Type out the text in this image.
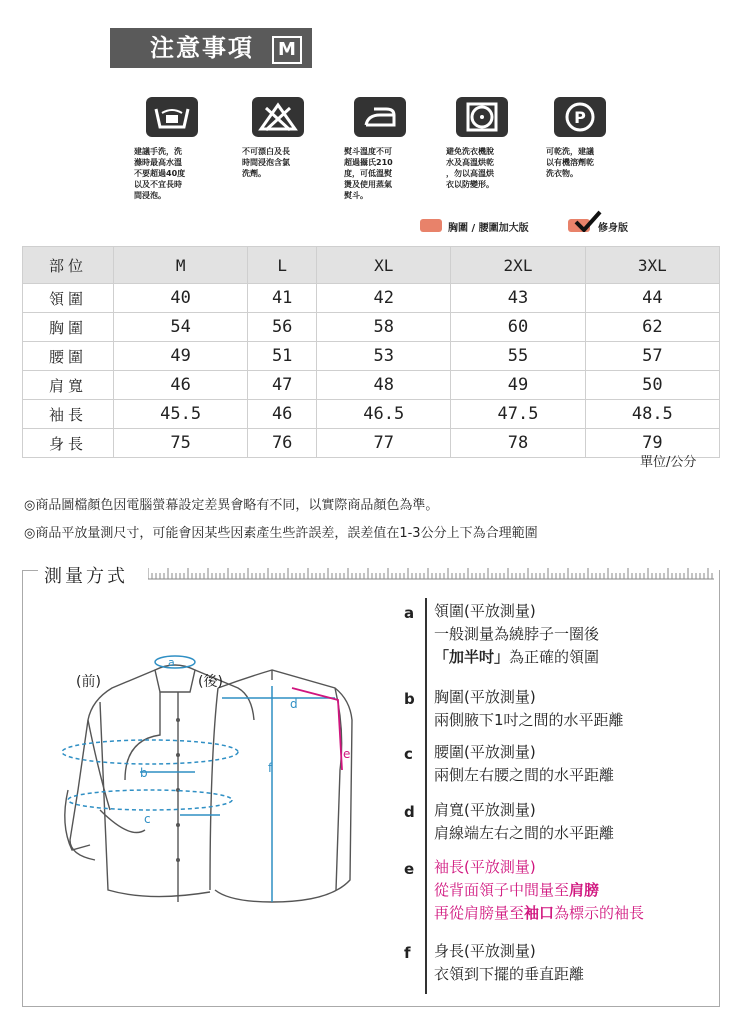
注意事項	M
P
建議手洗，洗
滌時最高水溫
不要超過40度
以及不宜長時
間浸泡。
不可漂白及長
時間浸泡含氯
洗劑。
熨斗溫度不可
超過攝氏210
度，可低溫熨
燙及使用蒸氣
熨斗。
避免洗衣機脫
水及高溫烘乾
，勿以高溫烘
衣以防變形。
可乾洗，建議
以有機溶劑乾
洗衣物。
胸圍 / 腰圍加大版	修身版
部位	M	L	XL	2XL	3XL
領圍	40	41	42	43	44
胸圍	54	56	58	60	62
腰圍	49	51	53	55	57
肩寬	46	47	48	49	50
袖長	45.5	46	46.5	47.5	48.5
身長	75	76	77	78	79
單位/公分
◎商品圖檔顏色因電腦螢幕設定差異會略有不同，以實際商品顏色為準。
◎商品平放量測尺寸，可能會因某些因素產生些許誤差，誤差值在1-3公分上下為合理範圍
測量方式
a
b
c
d
e
f
(前)	(後)
a 領圍(平放測量)
一般測量為繞脖子一圈後
「加半吋」為正確的領圍
b 胸圍(平放測量)
兩側腋下1吋之間的水平距離
c 腰圍(平放測量)
兩側左右腰之間的水平距離
d 肩寬(平放測量)
肩線端左右之間的水平距離
e 袖長(平放測量)
從背面領子中間量至肩膀
再從肩膀量至袖口為標示的袖長
f 身長(平放測量)
衣領到下擺的垂直距離
